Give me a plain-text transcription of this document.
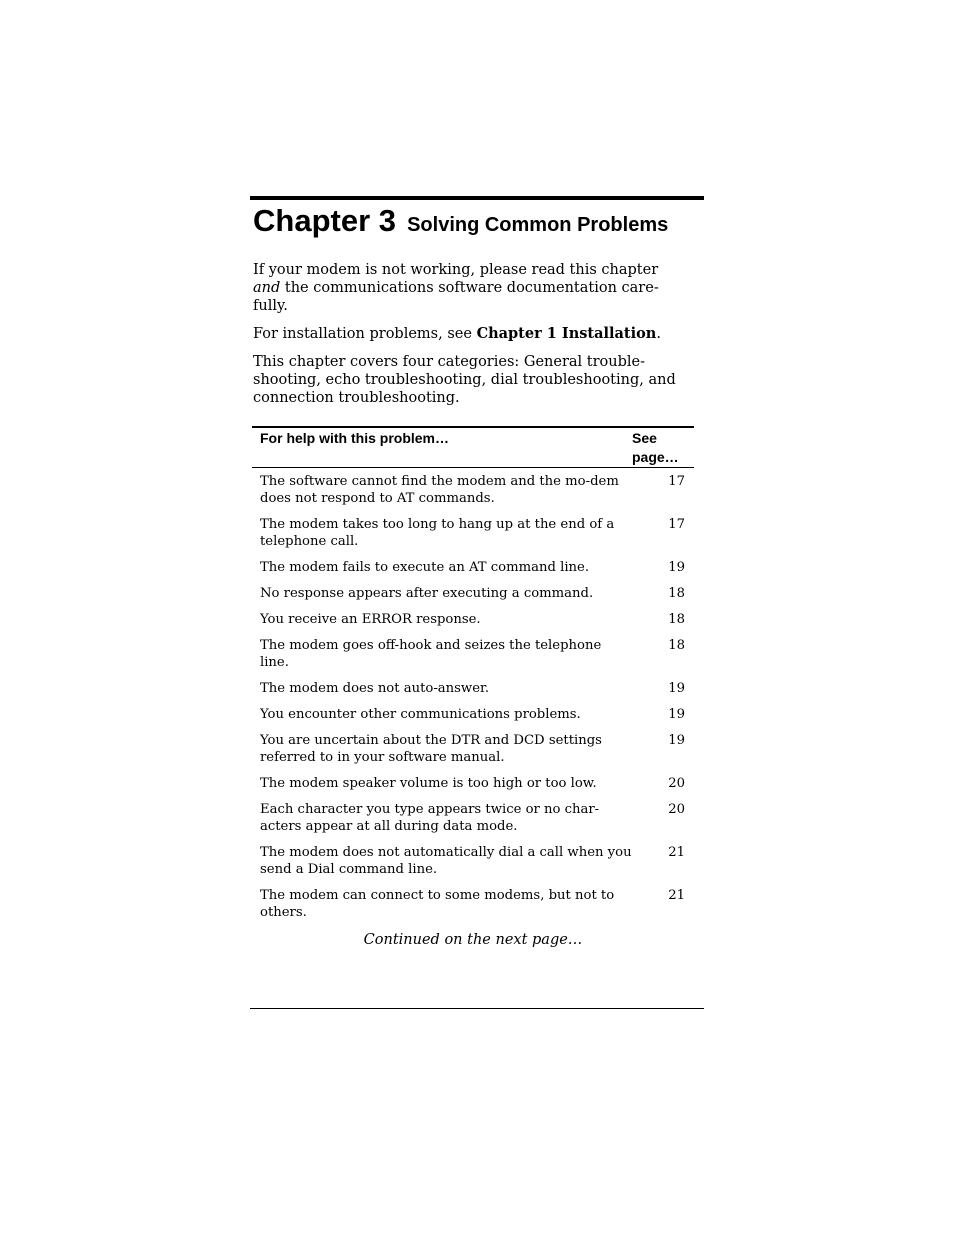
Chapter 3 Solving Common Problems

If your modem is not working, please read this chapter
and the communications software documentation care-fully.

For installation problems, see Chapter 1 Installation.

This chapter covers four categories: General trouble-shooting, echo troubleshooting, dial troubleshooting, and connection troubleshooting.

For help with this problem…	See page…
The software cannot find the modem and the mo-dem does not respond to AT commands.	17
The modem takes too long to hang up at the end of a telephone call.	17
The modem fails to execute an AT command line.	19
No response appears after executing a command.	18
You receive an ERROR response.	18
The modem goes off-hook and seizes the telephone line.	18
The modem does not auto-answer.	19
You encounter other communications problems.	19
You are uncertain about the DTR and DCD settings referred to in your software manual.	19
The modem speaker volume is too high or too low.	20
Each character you type appears twice or no char-acters appear at all during data mode.	20
The modem does not automatically dial a call when you send a Dial command line.	21
The modem can connect to some modems, but not to others.	21
Continued on the next page…
